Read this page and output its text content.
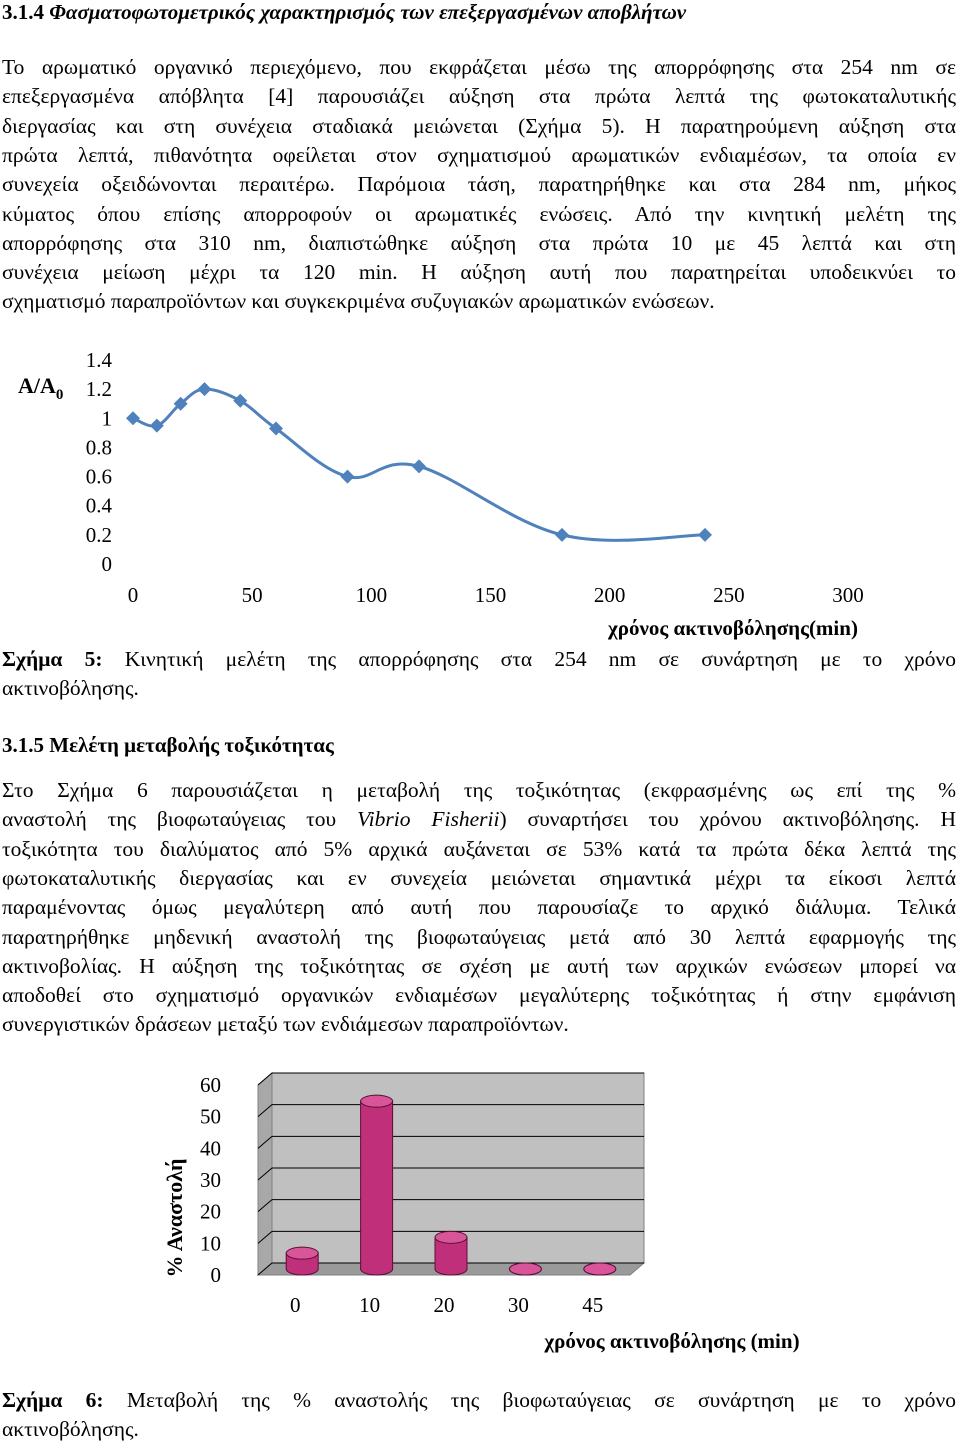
3.1.4 Φασματοφωτομετρικός χαρακτηρισμός των επεξεργασμένων αποβλήτων
Το αρωματικό οργανικό περιεχόμενο, που εκφράζεται μέσω της απορρόφησης στα 254 nm σε
επεξεργασμένα απόβλητα [4] παρουσιάζει αύξηση στα πρώτα λεπτά της φωτοκαταλυτικής
διεργασίας και στη συνέχεια σταδιακά μειώνεται (Σχήμα 5). Η παρατηρούμενη αύξηση στα
πρώτα λεπτά, πιθανότητα οφείλεται στον σχηματισμού αρωματικών ενδιαμέσων, τα οποία εν
συνεχεία οξειδώνονται περαιτέρω. Παρόμοια τάση, παρατηρήθηκε και στα 284 nm, μήκος
κύματος όπου επίσης απορροφούν οι αρωματικές ενώσεις. Από την κινητική μελέτη της
απορρόφησης στα 310 nm, διαπιστώθηκε αύξηση στα πρώτα 10 με 45 λεπτά και στη
συνέχεια μείωση μέχρι τα 120 min. Η αύξηση αυτή που παρατηρείται υποδεικνύει το
σχηματισμό παραπροϊόντων και συγκεκριμένα συζυγιακών αρωματικών ενώσεων.
0
0.2
0.4
0.6
0.8
1
1.2
1.4
0	50	100	150	200	250	300
$A/A_0$
χρόνος ακτινοβόλησης(min)
Σχήμα 5: Κινητική μελέτη της απορρόφησης στα 254 nm σε συνάρτηση με το χρόνο
ακτινοβόλησης.
3.1.5 Μελέτη μεταβολής τοξικότητας
Στο Σχήμα 6 παρουσιάζεται η μεταβολή της τοξικότητας (εκφρασμένης ως επί της %
αναστολή της βιοφωταύγειας του Vibrio Fisherii) συναρτήσει του χρόνου ακτινοβόλησης. Η
τοξικότητα του διαλύματος από 5% αρχικά αυξάνεται σε 53% κατά τα πρώτα δέκα λεπτά της
φωτοκαταλυτικής διεργασίας και εν συνεχεία μειώνεται σημαντικά μέχρι τα είκοσι λεπτά
παραμένοντας όμως μεγαλύτερη από αυτή που παρουσίαζε το αρχικό διάλυμα. Τελικά
παρατηρήθηκε μηδενική αναστολή της βιοφωταύγειας μετά από 30 λεπτά εφαρμογής της
ακτινοβολίας. Η αύξηση της τοξικότητας σε σχέση με αυτή των αρχικών ενώσεων μπορεί να
αποδοθεί στο σχηματισμό οργανικών ενδιαμέσων μεγαλύτερης τοξικότητας ή στην εμφάνιση
συνεργιστικών δράσεων μεταξύ των ενδιάμεσων παραπροϊόντων.
0
10
20
30
40
50
60
0	10	20	30	45
% Αναστολή
χρόνος ακτινοβόλησης (min)
Σχήμα 6: Μεταβολή της % αναστολής της βιοφωταύγειας σε συνάρτηση με το χρόνο
ακτινοβόλησης.
